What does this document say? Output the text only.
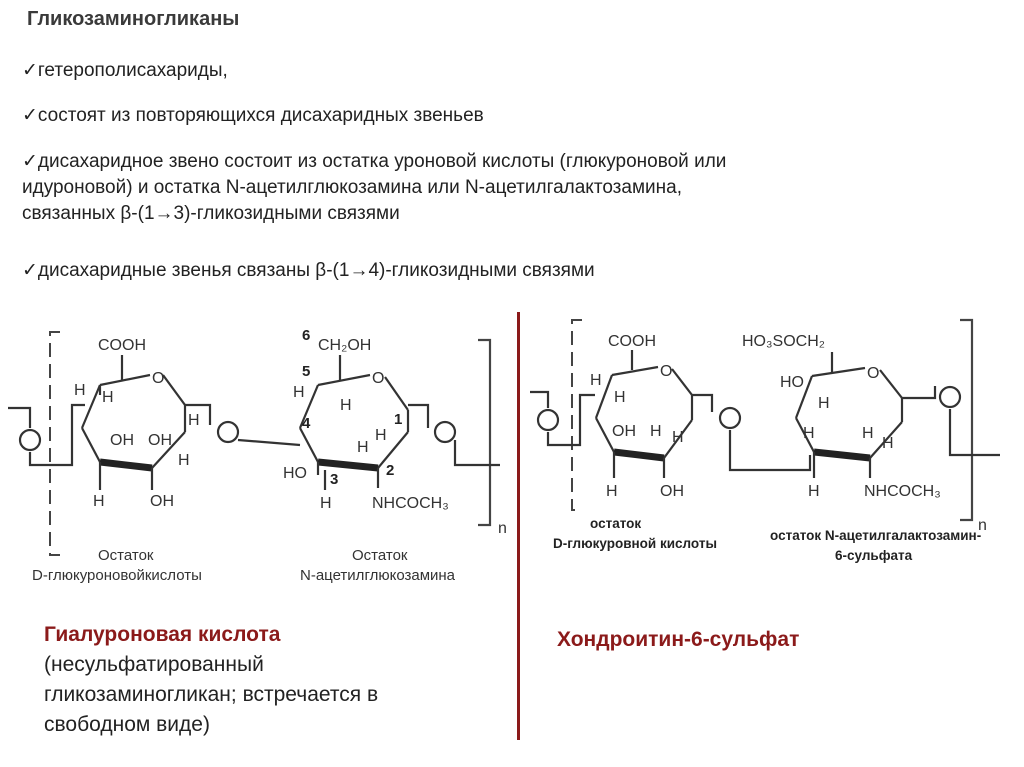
Гликозаминогликаны
✓гетерополисахариды,
✓состоят из повторяющихся дисахаридных звеньев
✓дисахаридное звено состоит из остатка уроновой кислоты (глюкуроновой или
идуроновой) и остатка N-ацетилглюкозамина или N-ацетилгалактозамина,
связанных β-(1→3)-гликозидными связями
✓дисахаридные звенья связаны β-(1→4)-гликозидными связями
n
O
COOH
H
H
OH
H	OH
OH
H
H
O
CH₂OH
6
5
4
3
2
1
H
H
H
H
HO
H	NHCOCH₃
Остаток
D-глюкуроновойкислоты
Остаток
N-ацетилглюкозамина
n
O
COOH
H
H
OH H H
H	OH
O
HO₃SOCH₂
HO
H
H	H
H
H	NHCOCH₃
остаток
D-глюкуровной кислоты
остаток N-ацетилгалактозамин-
6-сульфата
Гиалуроновая кислота
(несульфатированный
гликозаминогликан; встречается в
свободном виде)
Хондроитин-6-сульфат
